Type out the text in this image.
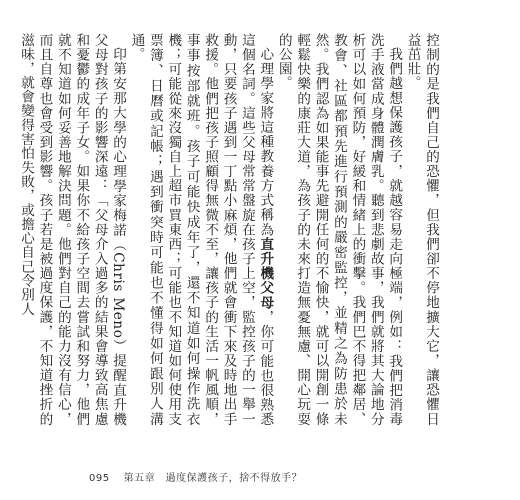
控制的是我們自己的恐懼，但我們卻不停地擴大它，讓恐懼日益茁壯。

我們越想保護孩子，就越容易走向極端，例如：我們把消毒洗手液當成身體潤膚乳。聽到悲劇故事，我們就將其大論地分析可以如何預防，好緩和情緒上的衝擊。我們巴不得把鄰居、教會、社區都預先進行預測的嚴密監控，並精之為防患於未然。我們認為如果能事先避開任何的不愉快，就可以開創一條輕鬆快樂的康莊大道，為孩子的未來打造無憂無慮、開心玩耍的公園。

心理學家將這種教養方式稱為直升機父母，你可能也很熟悉這個名詞。這些父母常常盤旋在孩子上空，監控孩子的一舉一動，只要孩子遇到一丁點小麻煩，他們就會衝下來及時地出手救援。他們把孩子照顧得無微不至，讓孩子的生活一帆風順，事事按部就班。孩子可能快成年了，還不知道如何操作洗衣機；可能從來沒獨自上超市買東西；可能也不知道如何使用支票簿、日曆或記帳；遇到衝突時可能也不懂得如何跟別人溝通。

印第安那大學的心理學家梅諾（Chris Meno）提醒直升機父母對孩子的影響深遠：「父母介入過多的結果會導致高焦慮和憂鬱的成年子女。如果你不給孩子空間去嘗試和努力，他們就不知道如何妥善地解決問題。他們對自己的能力沒有信心，而且自尊也會受到影響。孩子若是被過度保護，不知道挫折的滋味，就會變得害怕失敗，或擔心自己令別人

095 第五章　過度保護孩子，捨不得放手？
